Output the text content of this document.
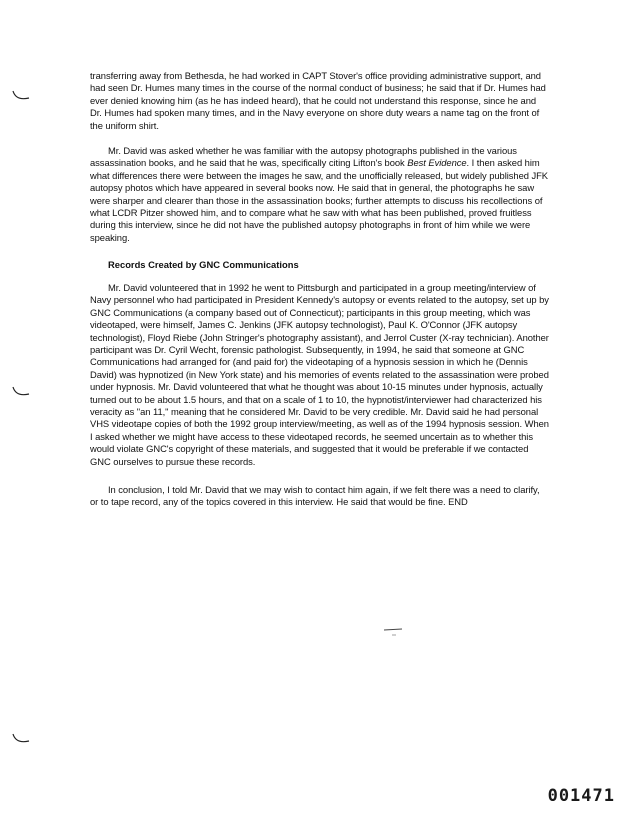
transferring away from Bethesda, he had worked in CAPT Stover's office providing administrative support, and had seen Dr. Humes many times in the course of the normal conduct of business; he said that if Dr. Humes had ever denied knowing him (as he has indeed heard), that he could not understand this response, since he and Dr. Humes had spoken many times, and in the Navy everyone on shore duty wears a name tag on the front of the uniform shirt.

Mr. David was asked whether he was familiar with the autopsy photographs published in the various assassination books, and he said that he was, specifically citing Lifton's book Best Evidence. I then asked him what differences there were between the images he saw, and the unofficially released, but widely published JFK autopsy photos which have appeared in several books now. He said that in general, the photographs he saw were sharper and clearer than those in the assassination books; further attempts to discuss his recollections of what LCDR Pitzer showed him, and to compare what he saw with what has been published, proved fruitless during this interview, since he did not have the published autopsy photographs in front of him while we were speaking.

Records Created by GNC Communications

Mr. David volunteered that in 1992 he went to Pittsburgh and participated in a group meeting/interview of Navy personnel who had participated in President Kennedy's autopsy or events related to the autopsy, set up by GNC Communications (a company based out of Connecticut); participants in this group meeting, which was videotaped, were himself, James C. Jenkins (JFK autopsy technologist), Paul K. O'Connor (JFK autopsy technologist), Floyd Riebe (John Stringer's photography assistant), and Jerrol Custer (X-ray technician). Another participant was Dr. Cyril Wecht, forensic pathologist. Subsequently, in 1994, he said that someone at GNC Communications had arranged for (and paid for) the videotaping of a hypnosis session in which he (Dennis David) was hypnotized (in New York state) and his memories of events related to the assassination were probed under hypnosis. Mr. David volunteered that what he thought was about 10-15 minutes under hypnosis, actually turned out to be about 1.5 hours, and that on a scale of 1 to 10, the hypnotist/interviewer had characterized his veracity as "an 11," meaning that he considered Mr. David to be very credible. Mr. David said he had personal VHS videotape copies of both the 1992 group interview/meeting, as well as of the 1994 hypnosis session. When I asked whether we might have access to these videotaped records, he seemed uncertain as to whether this would violate GNC's copyright of these materials, and suggested that it would be preferable if we contacted GNC ourselves to pursue these records.

In conclusion, I told Mr. David that we may wish to contact him again, if we felt there was a need to clarify, or to tape record, any of the topics covered in this interview. He said that would be fine. END

001471
